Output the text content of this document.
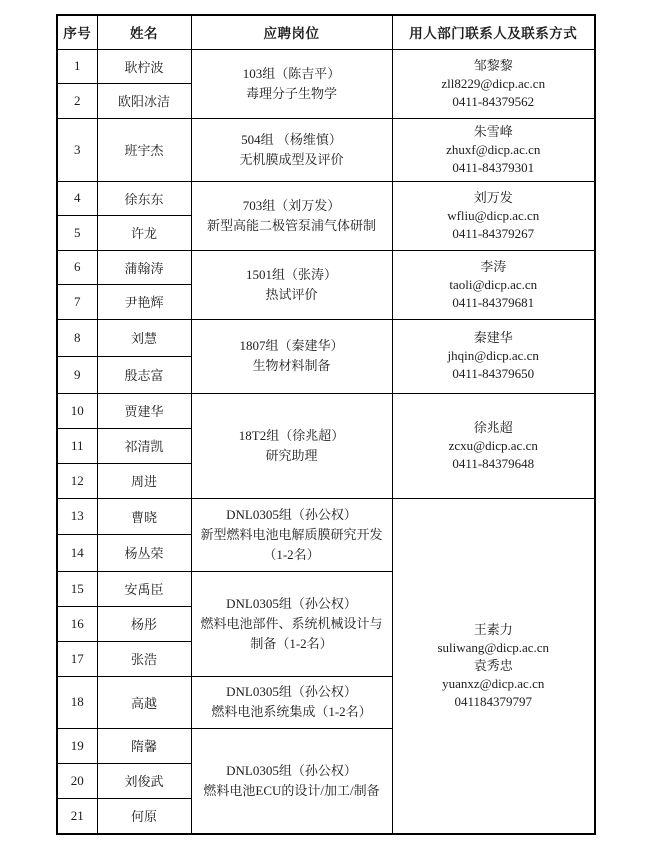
序号	姓名	应聘岗位	用人部门联系人及联系方式
1	耿柠波	103组（陈吉平）
毒理分子生物学

邹黎黎
zll8229@dicp.ac.cn
0411-84379562

2	欧阳冰洁		
3	班宇杰	
504组 （杨维慎）
无机膜成型及评价

朱雪峰
zhuxf@dicp.ac.cn
0411-84379301

4	徐东东	703组（刘万发）
新型高能二极管泵浦气体研制

刘万发
wfliu@dicp.ac.cn
0411-84379267

5	许龙		
6	蒲翰涛	1501组（张涛）
热试评价

李涛
taoli@dicp.ac.cn
0411-84379681

7	尹艳辉		
8	刘慧	1807组（秦建华）
生物材料制备

秦建华
jhqin@dicp.ac.cn
0411-84379650

9	殷志富		
10	贾建华	
18T2组（徐兆超）
研究助理

徐兆超
zcxu@dicp.ac.cn
0411-84379648

11	祁清凯		
12	周进		
13	曹晓	DNL0305组（孙公权）
新型燃料电池电解质膜研究开发（1-2名）

王素力
suliwang@dicp.ac.cn
袁秀忠
yuanxz@dicp.ac.cn
041184379797

14	杨丛荣		
15	安禹臣	DNL0305组（孙公权）
燃料电池部件、系统机械设计与制备（1-2名）	

16	杨彤		
17	张浩		
18	高越	DNL0305组（孙公权）
燃料电池系统集成（1-2名）	

19	隋馨	DNL0305组（孙公权）
燃料电池ECU的设计/加工/制备	

20	刘俊武		
21	何原		
